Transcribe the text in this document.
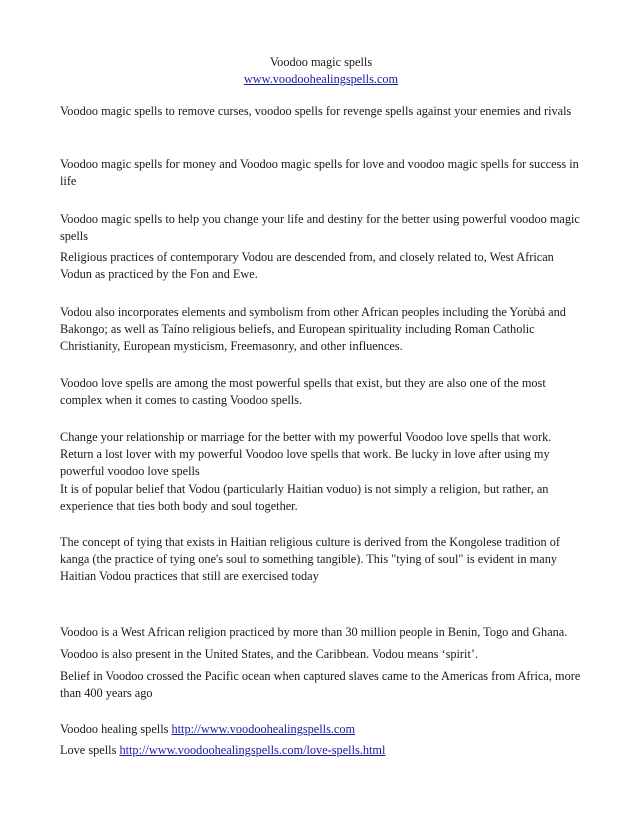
Voodoo magic spells
www.voodoohealingspells.com

Voodoo magic spells to remove curses, voodoo spells for revenge spells against your enemies and rivals

Voodoo magic spells for money and Voodoo magic spells for love and voodoo magic spells for success in life

Voodoo magic spells to help you change your life and destiny for the better using powerful voodoo magic spells

Religious practices of contemporary Vodou are descended from, and closely related to, West African Vodun as practiced by the Fon and Ewe.

Vodou also incorporates elements and symbolism from other African peoples including the Yorùbá and Bakongo; as well as Taíno religious beliefs, and European spirituality including Roman Catholic Christianity, European mysticism, Freemasonry, and other influences.

Voodoo love spells are among the most powerful spells that exist, but they are also one of the most complex when it comes to casting Voodoo spells.

Change your relationship or marriage for the better with my powerful Voodoo love spells that work. Return a lost lover with my powerful Voodoo love spells that work. Be lucky in love after using my powerful voodoo love spells

It is of popular belief that Vodou (particularly Haitian voduo) is not simply a religion, but rather, an experience that ties both body and soul together.

The concept of tying that exists in Haitian religious culture is derived from the Kongolese tradition of kanga (the practice of tying one's soul to something tangible). This "tying of soul" is evident in many Haitian Vodou practices that still are exercised today

Voodoo is a West African religion practiced by more than 30 million people in Benin, Togo and Ghana.

Voodoo is also present in the United States, and the Caribbean. Vodou means ‘spirit’.

Belief in Voodoo crossed the Pacific ocean when captured slaves came to the Americas from Africa, more than 400 years ago

Voodoo healing spells http://www.voodoohealingspells.com
Love spells http://www.voodoohealingspells.com/love-spells.html
